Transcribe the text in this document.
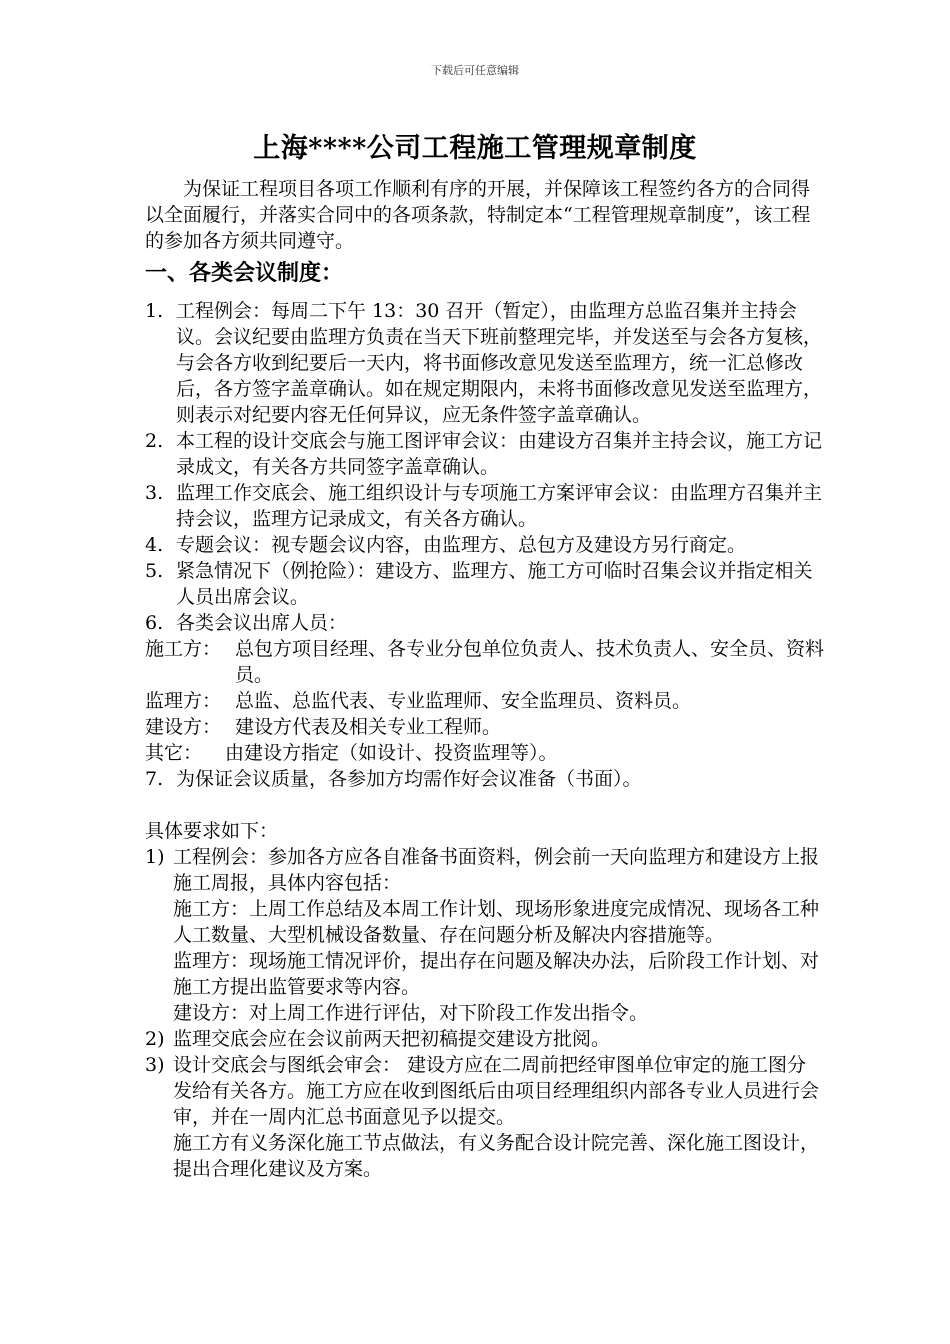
下载后可任意编辑
上海****公司工程施工管理规章制度
为保证工程项目各项工作顺利有序的开展，并保障该工程签约各方的合同得以全面履行，并落实合同中的各项条款，特制定本“工程管理规章制度”，该工程的参加各方须共同遵守。
一、各类会议制度：
1. 工程例会：每周二下午 13：30 召开（暂定），由监理方总监召集并主持会议。会议纪要由监理方负责在当天下班前整理完毕，并发送至与会各方复核，与会各方收到纪要后一天内，将书面修改意见发送至监理方，统一汇总修改后，各方签字盖章确认。如在规定期限内，未将书面修改意见发送至监理方，则表示对纪要内容无任何异议，应无条件签字盖章确认。
2. 本工程的设计交底会与施工图评审会议：由建设方召集并主持会议，施工方记录成文，有关各方共同签字盖章确认。
3. 监理工作交底会、施工组织设计与专项施工方案评审会议：由监理方召集并主持会议，监理方记录成文，有关各方确认。
4. 专题会议：视专题会议内容，由监理方、总包方及建设方另行商定。
5. 紧急情况下（例抢险）：建设方、监理方、施工方可临时召集会议并指定相关人员出席会议。
6. 各类会议出席人员：
施工方： 总包方项目经理、各专业分包单位负责人、技术负责人、安全员、资料员。
监理方： 总监、总监代表、专业监理师、安全监理员、资料员。
建设方： 建设方代表及相关专业工程师。
其它： 由建设方指定（如设计、投资监理等）。
7. 为保证会议质量，各参加方均需作好会议准备（书面）。
具体要求如下：
1) 工程例会：参加各方应各自准备书面资料，例会前一天向监理方和建设方上报施工周报，具体内容包括：
施工方：上周工作总结及本周工作计划、现场形象进度完成情况、现场各工种人工数量、大型机械设备数量、存在问题分析及解决内容措施等。
监理方：现场施工情况评价，提出存在问题及解决办法，后阶段工作计划、对施工方提出监管要求等内容。
建设方：对上周工作进行评估，对下阶段工作发出指令。
2) 监理交底会应在会议前两天把初稿提交建设方批阅。
3) 设计交底会与图纸会审会： 建设方应在二周前把经审图单位审定的施工图分发给有关各方。施工方应在收到图纸后由项目经理组织内部各专业人员进行会审，并在一周内汇总书面意见予以提交。
施工方有义务深化施工节点做法，有义务配合设计院完善、深化施工图设计，提出合理化建议及方案。
